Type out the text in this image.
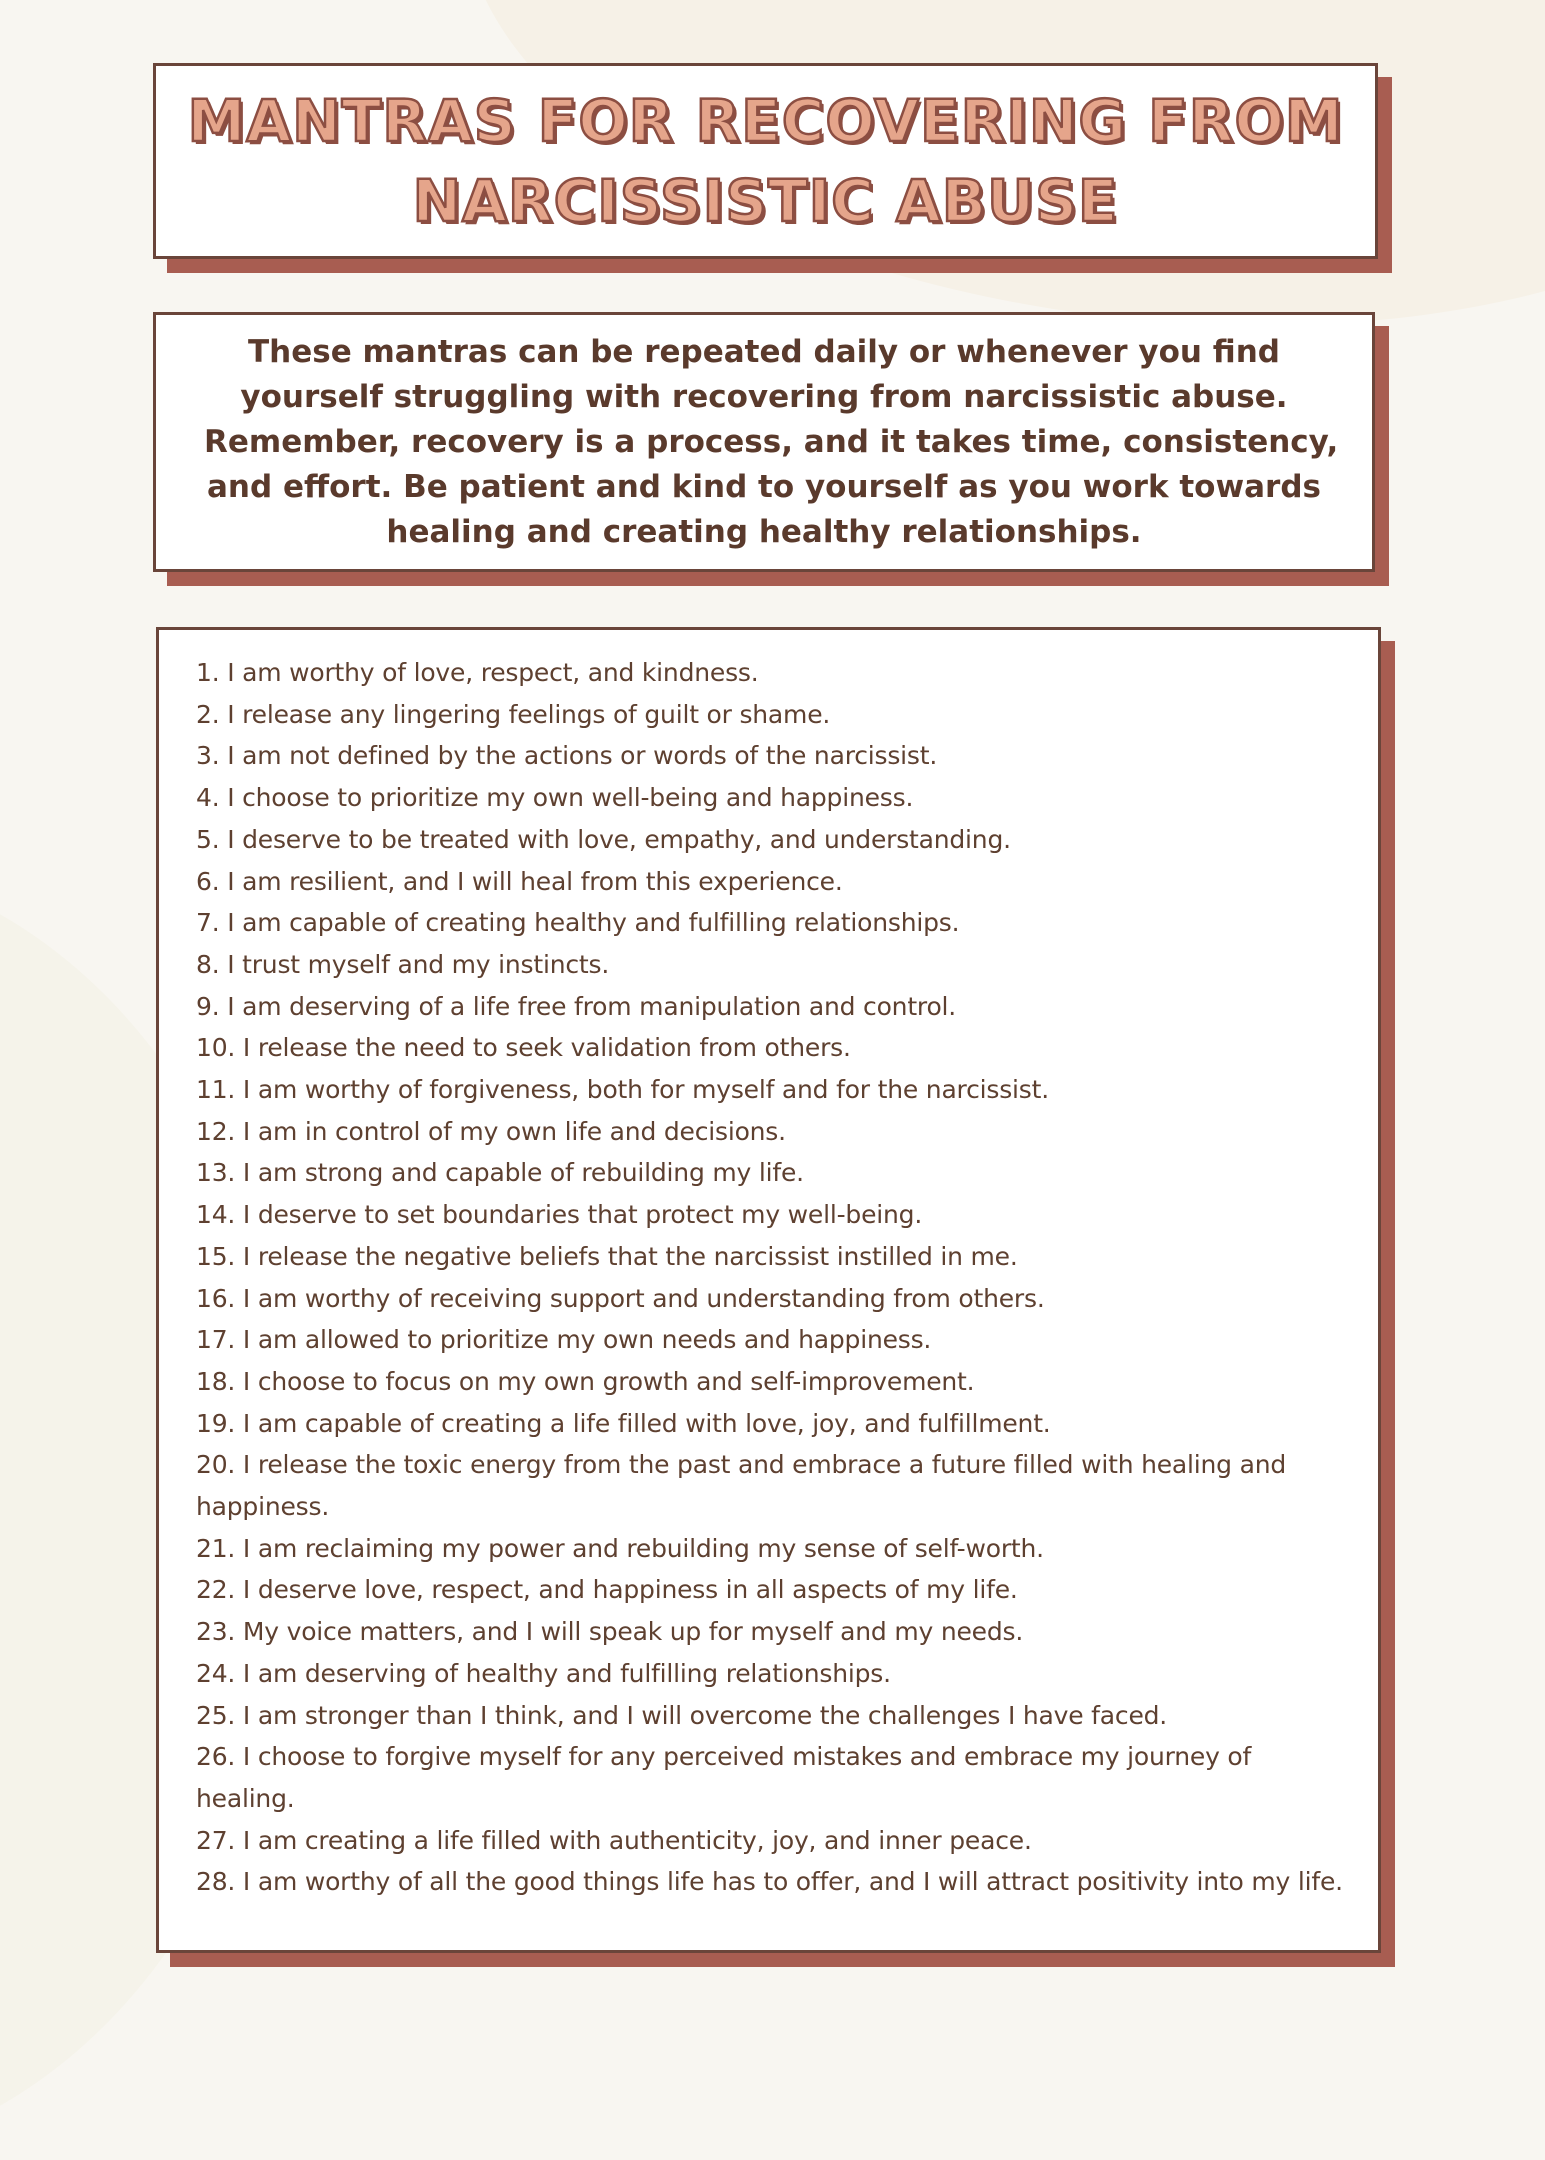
MANTRAS FOR RECOVERING FROM
NARCISSISTIC ABUSE

These mantras can be repeated daily or whenever you find
yourself struggling with recovering from narcissistic abuse.
Remember, recovery is a process, and it takes time, consistency,
and effort. Be patient and kind to yourself as you work towards
healing and creating healthy relationships.

1. I am worthy of love, respect, and kindness.
2. I release any lingering feelings of guilt or shame.
3. I am not defined by the actions or words of the narcissist.
4. I choose to prioritize my own well-being and happiness.
5. I deserve to be treated with love, empathy, and understanding.
6. I am resilient, and I will heal from this experience.
7. I am capable of creating healthy and fulfilling relationships.
8. I trust myself and my instincts.
9. I am deserving of a life free from manipulation and control.
10. I release the need to seek validation from others.
11. I am worthy of forgiveness, both for myself and for the narcissist.
12. I am in control of my own life and decisions.
13. I am strong and capable of rebuilding my life.
14. I deserve to set boundaries that protect my well-being.
15. I release the negative beliefs that the narcissist instilled in me.
16. I am worthy of receiving support and understanding from others.
17. I am allowed to prioritize my own needs and happiness.
18. I choose to focus on my own growth and self-improvement.
19. I am capable of creating a life filled with love, joy, and fulfillment.
20. I release the toxic energy from the past and embrace a future filled with healing and happiness.
21. I am reclaiming my power and rebuilding my sense of self-worth.
22. I deserve love, respect, and happiness in all aspects of my life.
23. My voice matters, and I will speak up for myself and my needs.
24. I am deserving of healthy and fulfilling relationships.
25. I am stronger than I think, and I will overcome the challenges I have faced.
26. I choose to forgive myself for any perceived mistakes and embrace my journey of healing.
27. I am creating a life filled with authenticity, joy, and inner peace.
28. I am worthy of all the good things life has to offer, and I will attract positivity into my life.
